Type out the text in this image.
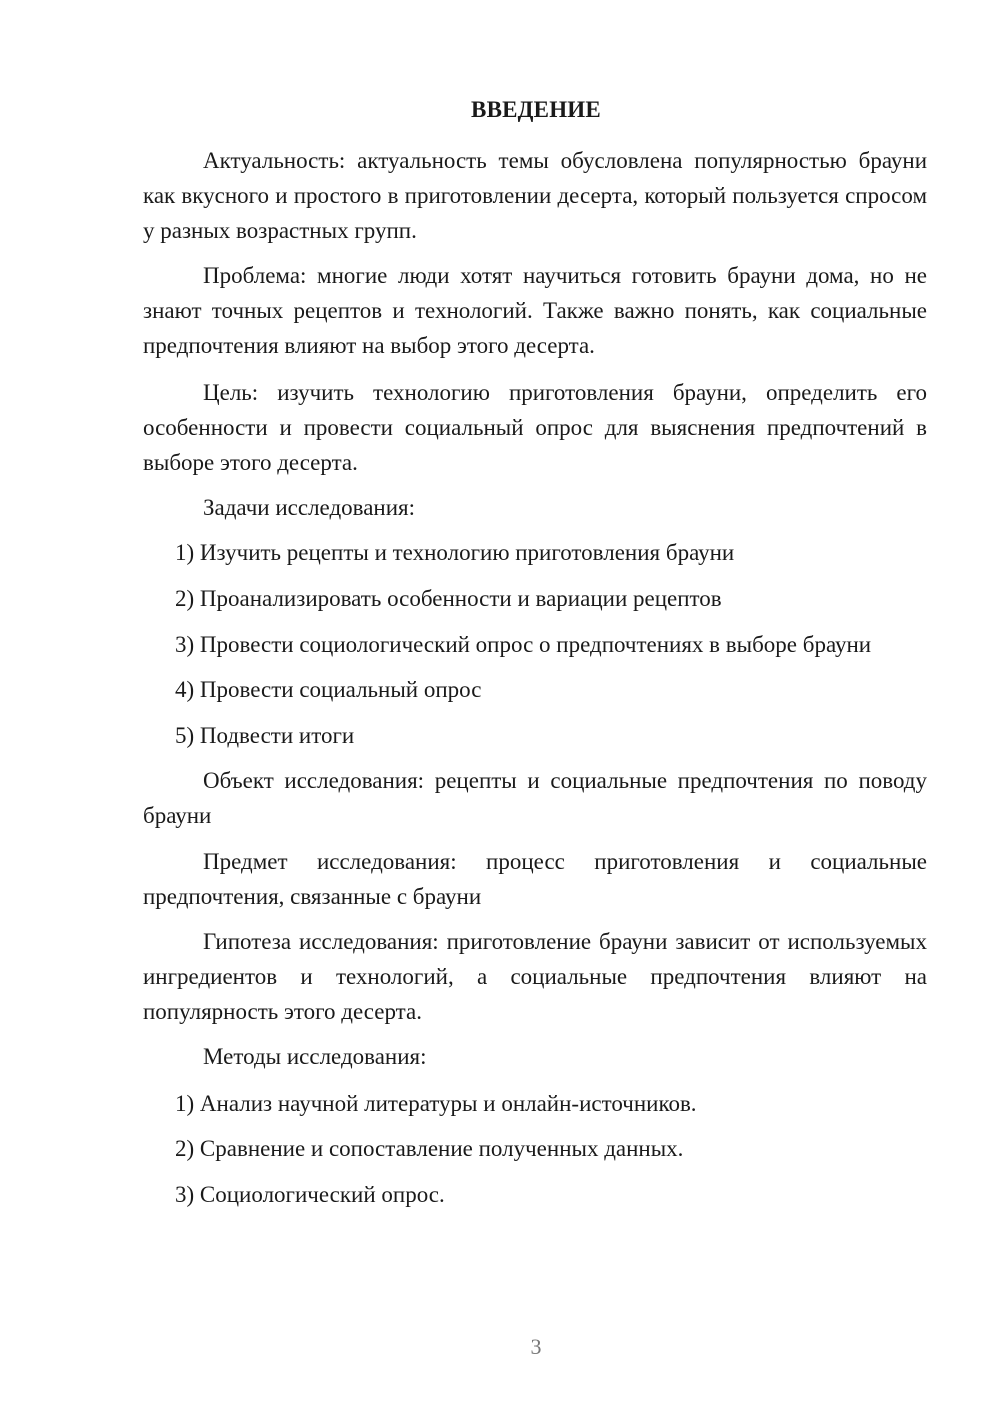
ВВЕДЕНИЕ
Актуальность: актуальность темы обусловлена популярностью брауни как вкусного и простого в приготовлении десерта, который пользуется спросом у разных возрастных групп.
Проблема: многие люди хотят научиться готовить брауни дома, но не знают точных рецептов и технологий. Также важно понять, как социальные предпочтения влияют на выбор этого десерта.
Цель: изучить технологию приготовления брауни, определить его особенности и провести социальный опрос для выяснения предпочтений в выборе этого десерта.
Задачи исследования:
1) Изучить рецепты и технологию приготовления брауни
2) Проанализировать особенности и вариации рецептов
3) Провести социологический опрос о предпочтениях в выборе брауни
4) Провести социальный опрос
5) Подвести итоги
Объект исследования: рецепты и социальные предпочтения по поводу брауни
Предмет исследования: процесс приготовления и социальные предпочтения, связанные с брауни
Гипотеза исследования: приготовление брауни зависит от используемых ингредиентов и технологий, а социальные предпочтения влияют на популярность этого десерта.
Методы исследования:
1) Анализ научной литературы и онлайн-источников.
2) Сравнение и сопоставление полученных данных.
3) Социологический опрос.
3
